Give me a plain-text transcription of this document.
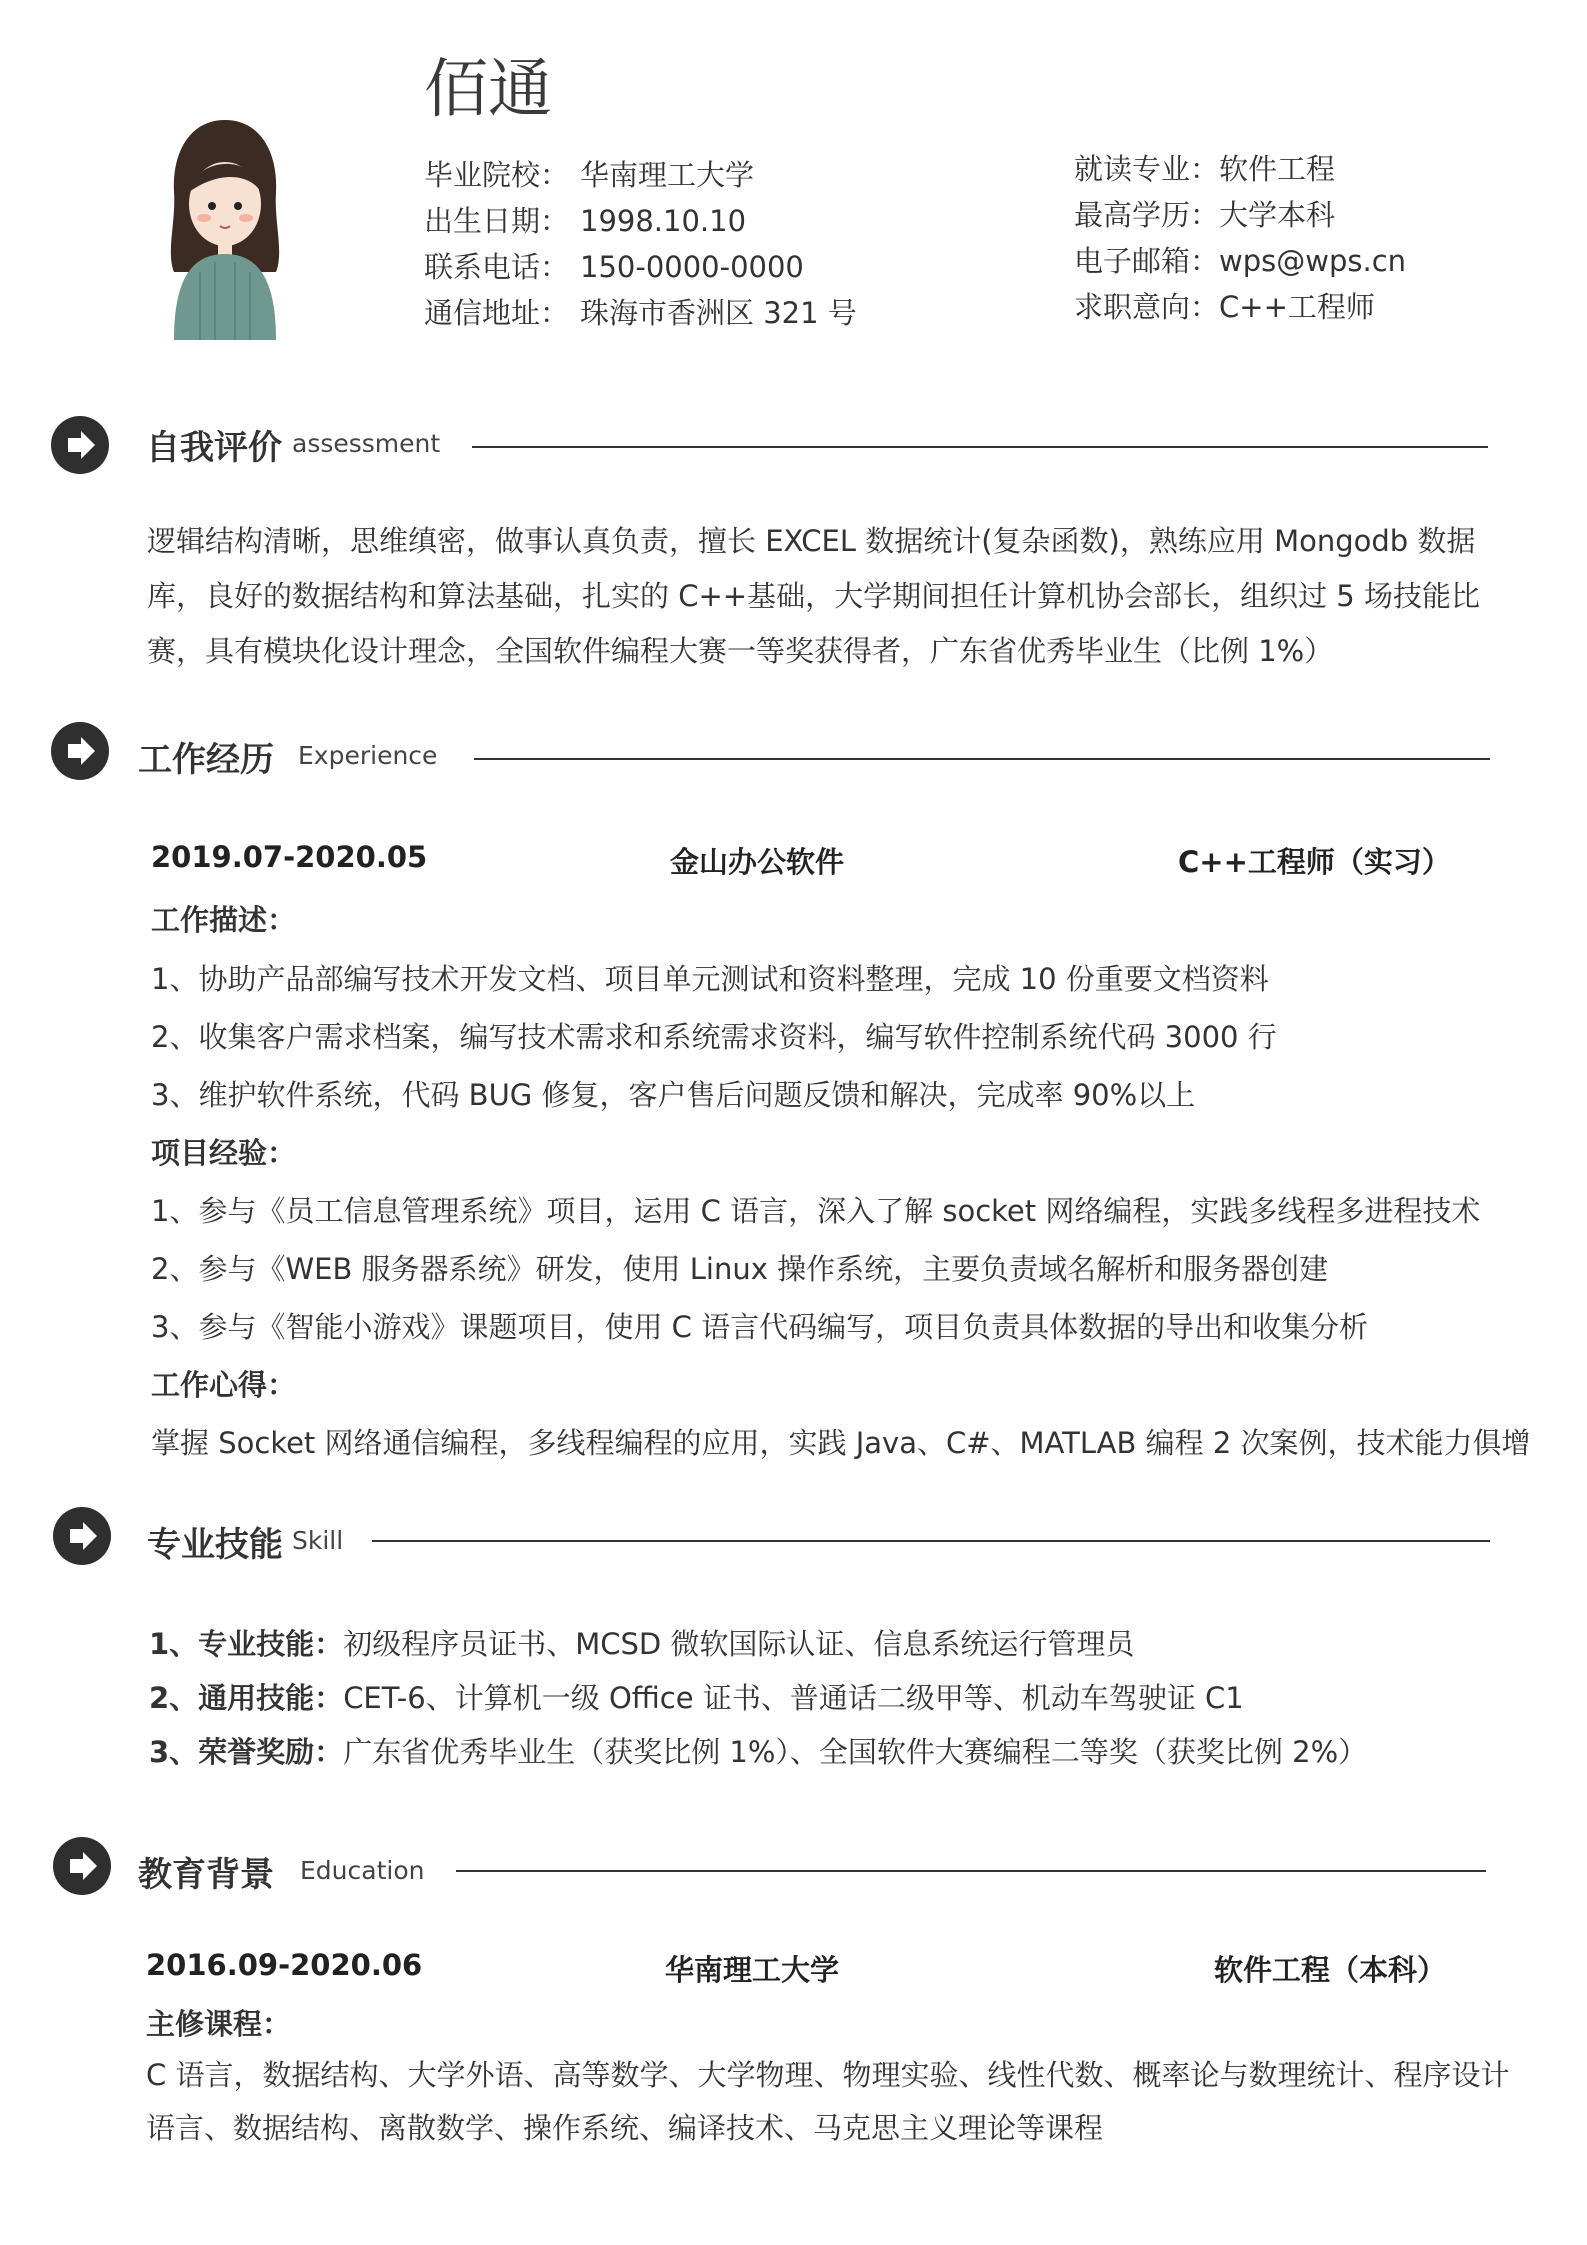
佰通
毕业院校： 华南理工大学
出生日期： 1998.10.10
联系电话： 150-0000-0000
通信地址： 珠海市香洲区 321 号
就读专业：软件工程
最高学历：大学本科
电子邮箱：wps@wps.cn
求职意向：C++工程师
自我评价 assessment
逻辑结构清晰，思维缜密，做事认真负责，擅长 EXCEL 数据统计(复杂函数)，熟练应用 Mongodb 数据
库，良好的数据结构和算法基础，扎实的 C++基础，大学期间担任计算机协会部长，组织过 5 场技能比
赛，具有模块化设计理念，全国软件编程大赛一等奖获得者，广东省优秀毕业生（比例 1%）
工作经历 Experience
2019.07-2020.05	金山办公软件	C++工程师（实习）
工作描述：
1、协助产品部编写技术开发文档、项目单元测试和资料整理，完成 10 份重要文档资料
2、收集客户需求档案，编写技术需求和系统需求资料，编写软件控制系统代码 3000 行
3、维护软件系统，代码 BUG 修复，客户售后问题反馈和解决，完成率 90%以上
项目经验：
1、参与《员工信息管理系统》项目，运用 C 语言，深入了解 socket 网络编程，实践多线程多进程技术
2、参与《WEB 服务器系统》研发，使用 Linux 操作系统，主要负责域名解析和服务器创建
3、参与《智能小游戏》课题项目，使用 C 语言代码编写，项目负责具体数据的导出和收集分析
工作心得：
掌握 Socket 网络通信编程，多线程编程的应用，实践 Java、C#、MATLAB 编程 2 次案例，技术能力俱增
专业技能 Skill
1、专业技能：初级程序员证书、MCSD 微软国际认证、信息系统运行管理员
2、通用技能：CET-6、计算机一级 Office 证书、普通话二级甲等、机动车驾驶证 C1
3、荣誉奖励：广东省优秀毕业生（获奖比例 1%）、全国软件大赛编程二等奖（获奖比例 2%）
教育背景 Education
2016.09-2020.06	华南理工大学	软件工程（本科）
主修课程：
C 语言，数据结构、大学外语、高等数学、大学物理、物理实验、线性代数、概率论与数理统计、程序设计
语言、数据结构、离散数学、操作系统、编译技术、马克思主义理论等课程
